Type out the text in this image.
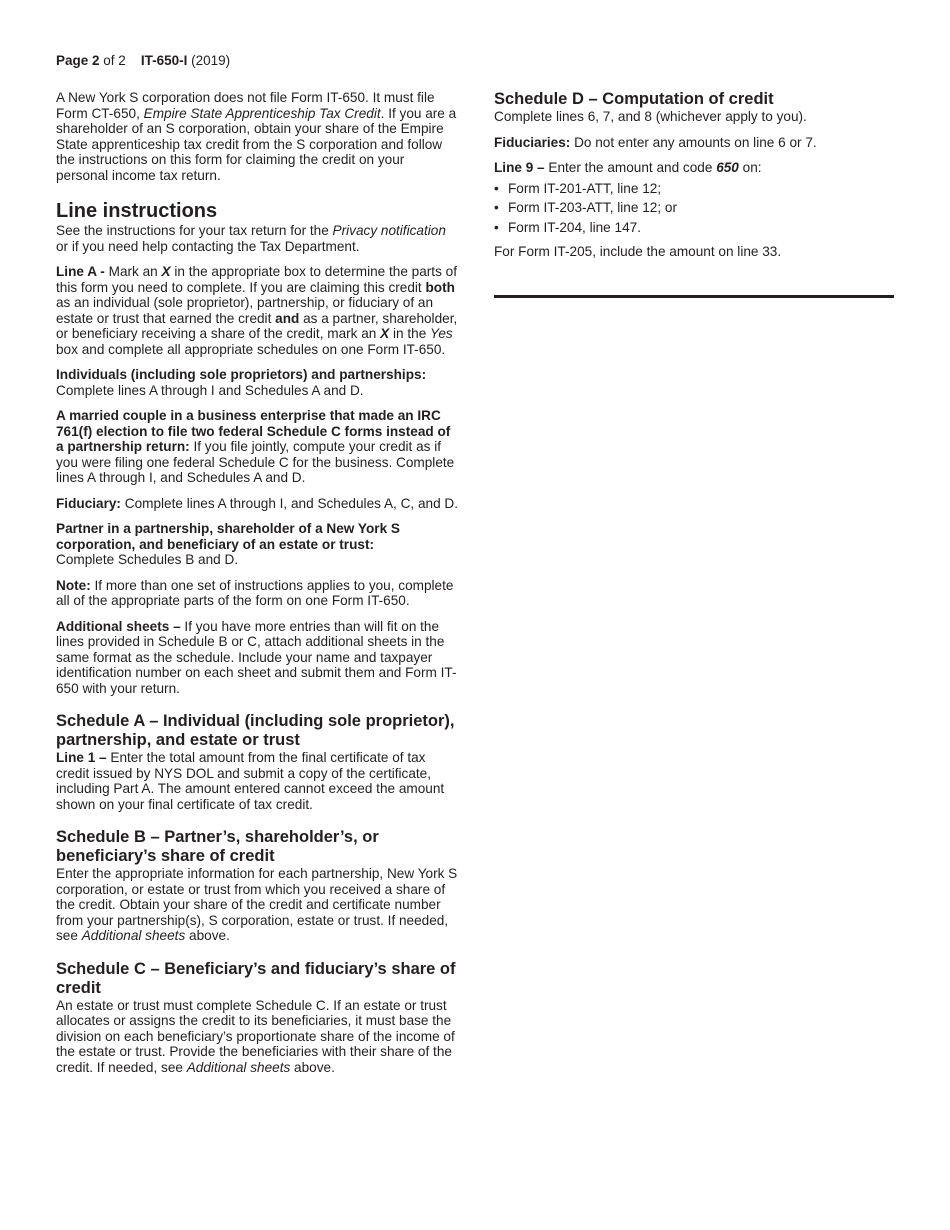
Page 2 of 2 IT-650-I (2019)

A New York S corporation does not file Form IT-650. It must file Form CT-650, Empire State Apprenticeship Tax Credit. If you are a shareholder of an S corporation, obtain your share of the Empire State apprenticeship tax credit from the S corporation and follow the instructions on this form for claiming the credit on your personal income tax return.

Line instructions

See the instructions for your tax return for the Privacy notification or if you need help contacting the Tax Department.

Line A - Mark an X in the appropriate box to determine the parts of this form you need to complete. If you are claiming this credit both as an individual (sole proprietor), partnership, or fiduciary of an estate or trust that earned the credit and as a partner, shareholder, or beneficiary receiving a share of the credit, mark an X in the Yes box and complete all appropriate schedules on one Form IT-650.

Individuals (including sole proprietors) and partnerships:
Complete lines A through I and Schedules A and D.

A married couple in a business enterprise that made an IRC 761(f) election to file two federal Schedule C forms instead of a partnership return: If you file jointly, compute your credit as if you were filing one federal Schedule C for the business. Complete lines A through I, and Schedules A and D.

Fiduciary: Complete lines A through I, and Schedules A, C, and D.

Partner in a partnership, shareholder of a New York S corporation, and beneficiary of an estate or trust:
Complete Schedules B and D.

Note: If more than one set of instructions applies to you, complete all of the appropriate parts of the form on one Form IT-650.

Additional sheets – If you have more entries than will fit on the lines provided in Schedule B or C, attach additional sheets in the same format as the schedule. Include your name and taxpayer identification number on each sheet and submit them and Form IT-650 with your return.

Schedule A – Individual (including sole proprietor), partnership, and estate or trust

Line 1 – Enter the total amount from the final certificate of tax credit issued by NYS DOL and submit a copy of the certificate, including Part A. The amount entered cannot exceed the amount shown on your final certificate of tax credit.

Schedule B – Partner’s, shareholder’s, or beneficiary’s share of credit

Enter the appropriate information for each partnership, New York S corporation, or estate or trust from which you received a share of the credit. Obtain your share of the credit and certificate number from your partnership(s), S corporation, estate or trust. If needed, see Additional sheets above.

Schedule C – Beneficiary’s and fiduciary’s share of credit

An estate or trust must complete Schedule C. If an estate or trust allocates or assigns the credit to its beneficiaries, it must base the division on each beneficiary’s proportionate share of the income of the estate or trust. Provide the beneficiaries with their share of the credit. If needed, see Additional sheets above.

Schedule D – Computation of credit

Complete lines 6, 7, and 8 (whichever apply to you).

Fiduciaries: Do not enter any amounts on line 6 or 7.

Line 9 – Enter the amount and code 650 on:

• Form IT-201-ATT, line 12;
• Form IT-203-ATT, line 12; or
• Form IT-204, line 147.

For Form IT-205, include the amount on line 33.
